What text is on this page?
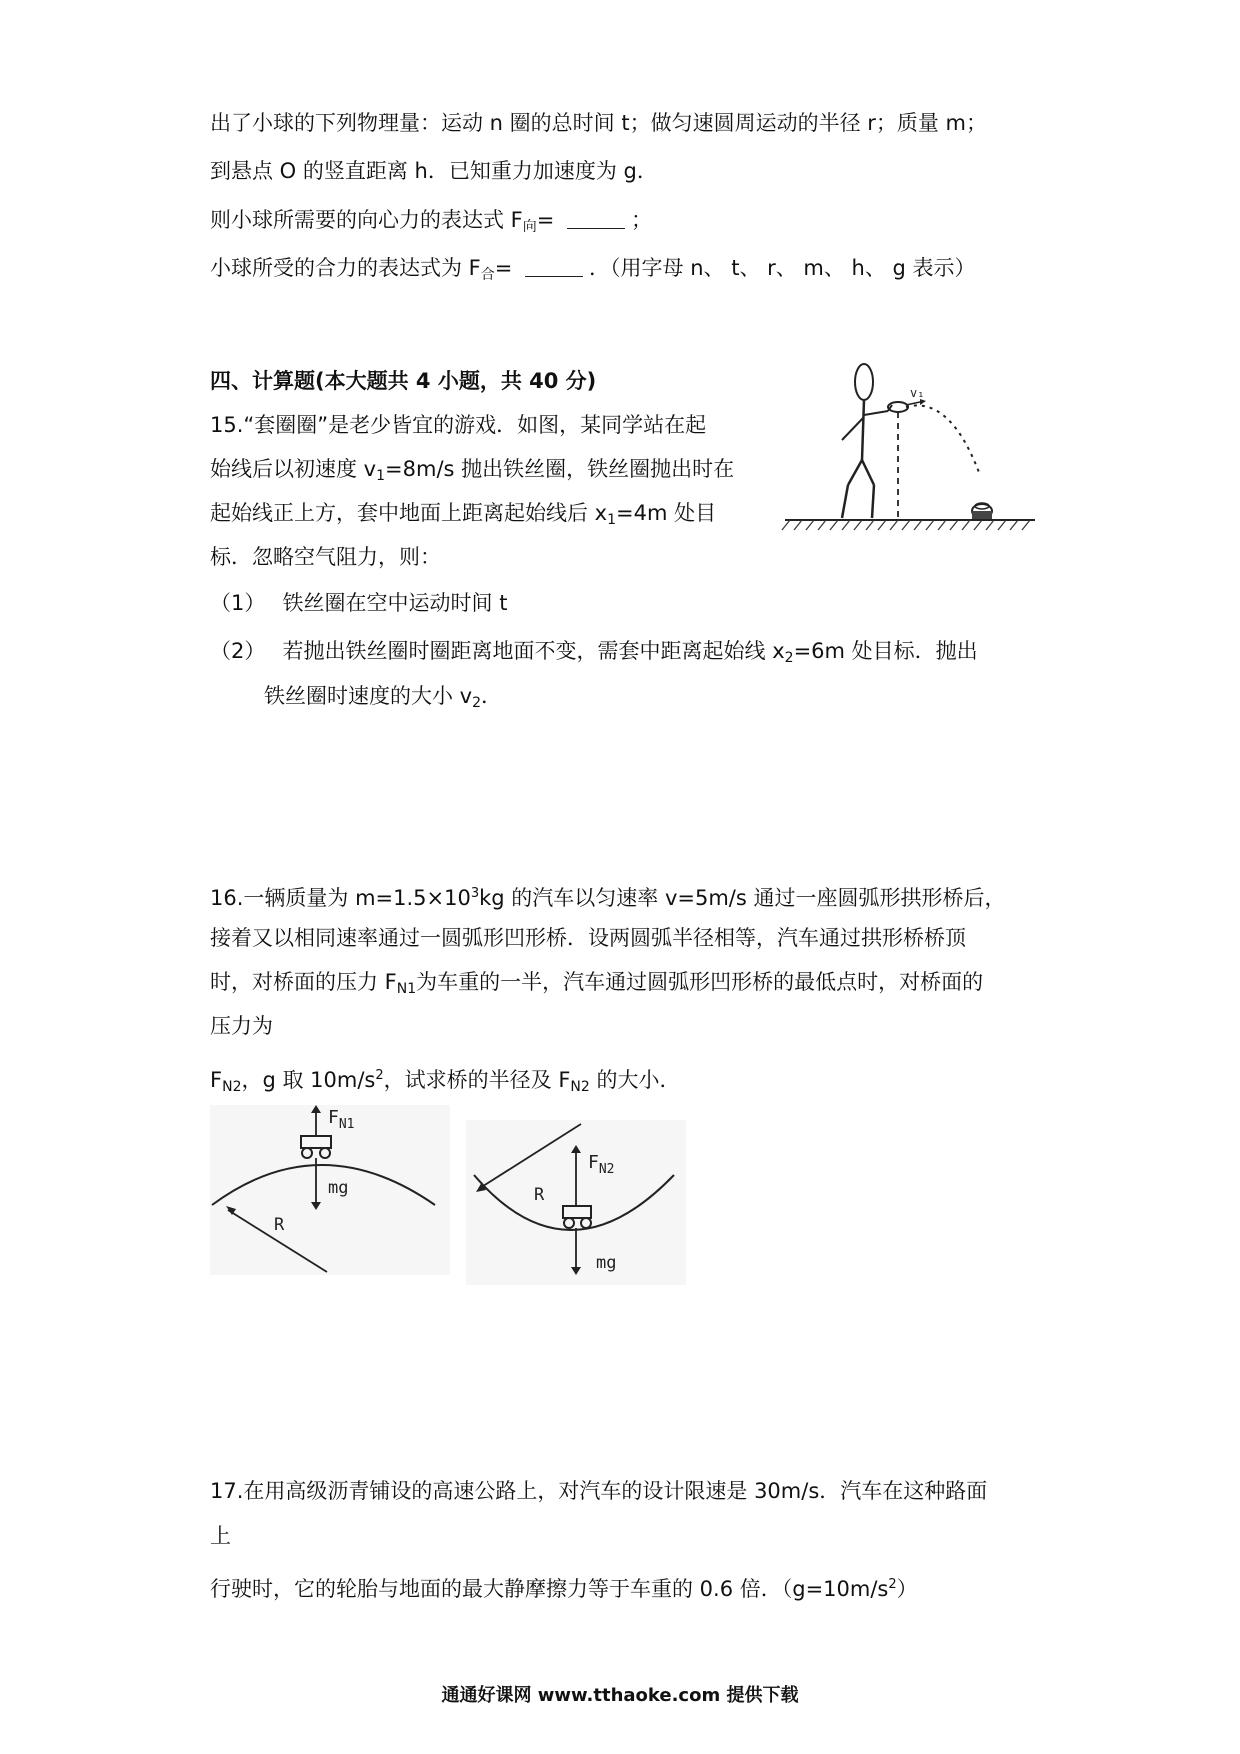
出了小球的下列物理量：运动 n 圈的总时间 t；做匀速圆周运动的半径 r；质量 m；
到悬点 O 的竖直距离 h．已知重力加速度为 g．
则小球所需要的向心力的表达式 $F_向=$	；
小球所受的合力的表达式为 $F_合=$	．（用字母 n、 t、 r、 m、 h、 g 表示）
四、计算题(本大题共 4 小题，共 40 分)
15.“套圈圈”是老少皆宜的游戏．如图，某同学站在起
始线后以初速度 $v_1=8m/s$ 抛出铁丝圈，铁丝圈抛出时在
起始线正上方，套中地面上距离起始线后 $x_1=4m$ 处目
标．忽略空气阻力，则：
（1）　 铁丝圈在空中运动时间 t
（2）　 若抛出铁丝圈时圈距离地面不变，需套中距离起始线 $x_2=6m$ 处目标．抛出
铁丝圈时速度的大小 $v_2$．
v₁
16.一辆质量为 $m=1.5\times 10^3kg$ 的汽车以匀速率 v=5m/s 通过一座圆弧形拱形桥后，
接着又以相同速率通过一圆弧形凹形桥．设两圆弧半径相等，汽车通过拱形桥桥顶
时，对桥面的压力 $F_{N1}$为车重的一半，汽车通过圆弧形凹形桥的最低点时，对桥面的
压力为
$F_{N2}$，g 取 $10m/s^2$，试求桥的半径及 $F_{N2}$ 的大小．
$F_{N1}$
mg
R
R
$F_{N2}$
mg
17.在用高级沥青铺设的高速公路上，对汽车的设计限速是 30m/s．汽车在这种路面
上
行驶时，它的轮胎与地面的最大静摩擦力等于车重的 0.6 倍．$(g=10m/s^2)$
通通好课网 www.tthaoke.com 提供下载
